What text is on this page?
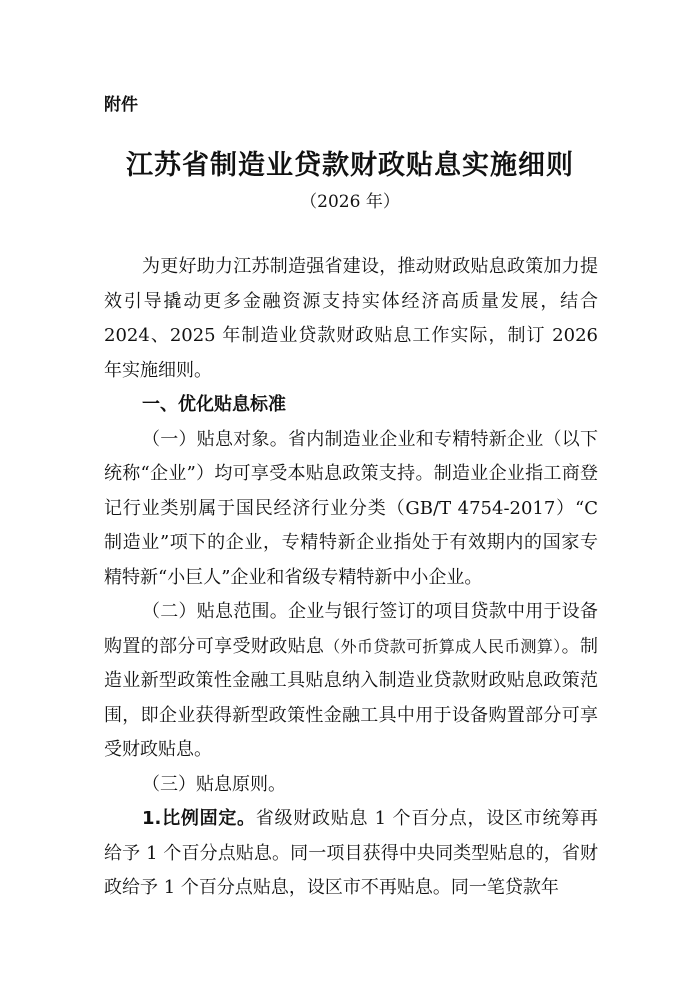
附件
江苏省制造业贷款财政贴息实施细则
（2026 年）

为更好助力江苏制造强省建设，推动财政贴息政策加力提效引导撬动更多金融资源支持实体经济高质量发展，结合2024、2025 年制造业贷款财政贴息工作实际，制订 2026 年实施细则。

一、优化贴息标准

（一）贴息对象。省内制造业企业和专精特新企业（以下统称“企业”）均可享受本贴息政策支持。制造业企业指工商登记行业类别属于国民经济行业分类（GB/T 4754-2017）“C 制造业”项下的企业，专精特新企业指处于有效期内的国家专精特新“小巨人”企业和省级专精特新中小企业。

（二）贴息范围。企业与银行签订的项目贷款中用于设备购置的部分可享受财政贴息（外币贷款可折算成人民币测算）。制造业新型政策性金融工具贴息纳入制造业贷款财政贴息政策范围，即企业获得新型政策性金融工具中用于设备购置部分可享受财政贴息。

（三）贴息原则。

1.比例固定。省级财政贴息 1 个百分点，设区市统筹再给予 1 个百分点贴息。同一项目获得中央同类型贴息的，省财政给予 1 个百分点贴息，设区市不再贴息。同一笔贷款年
